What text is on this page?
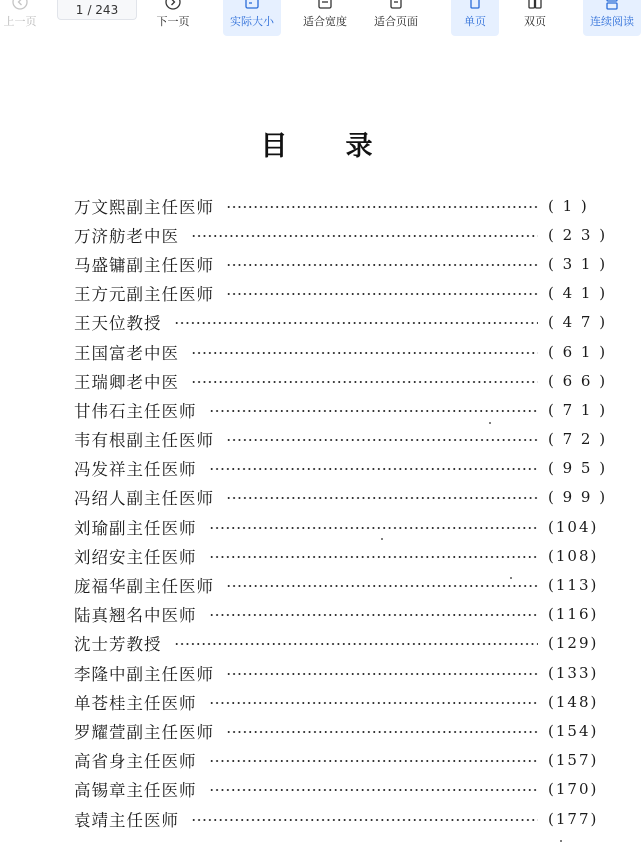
上一页
1 / 243
下一页	实际大小	适合宽度 适合页面	单页	双页	连续阅读
目录
万文熙副主任医师	( 1 )
万济舫老中医	( 2 3 )
马盛镛副主任医师	( 3 1 )
王方元副主任医师	( 4 1 )
王天位教授	( 4 7 )
王国富老中医	( 6 1 )
王瑞卿老中医	( 6 6 )
甘伟石主任医师	( 7 1 )
韦有根副主任医师	( 7 2 )
冯发祥主任医师	( 9 5 )
冯绍人副主任医师	( 9 9 )
刘瑜副主任医师	(104)
刘绍安主任医师	(108)
庞福华副主任医师	(113)
陆真翘名中医师	(116)
沈士芳教授	(129)
李隆中副主任医师	(133)
单苍桂主任医师	(148)
罗耀萱副主任医师	(154)
高省身主任医师	(157)
高锡章主任医师	(170)
袁靖主任医师	(177)
